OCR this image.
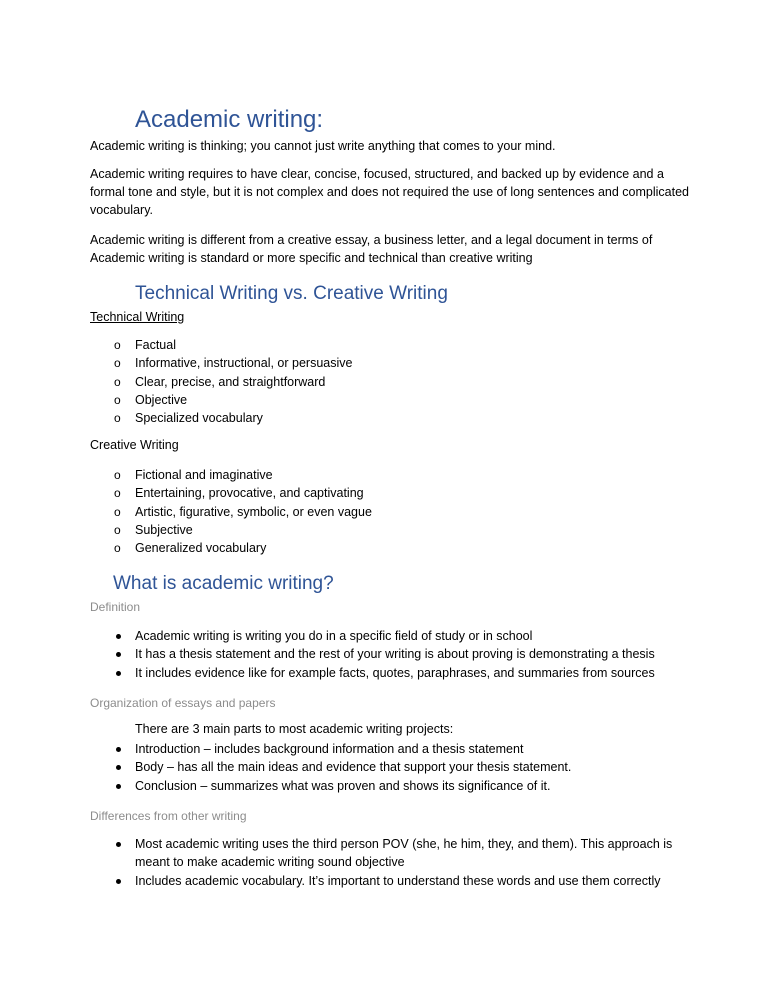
Academic writing:
Academic writing is thinking; you cannot just write anything that comes to your mind.
Academic writing requires to have clear, concise, focused, structured, and backed up by evidence and a formal tone and style, but it is not complex and does not required the use of long sentences and complicated vocabulary.
Academic writing is different from a creative essay, a business letter, and a legal document in terms of Academic writing is standard or more specific and technical than creative writing
Technical Writing vs. Creative Writing
Technical Writing
o Factual
o Informative, instructional, or persuasive
o Clear, precise, and straightforward
o Objective
o Specialized vocabulary
Creative Writing
o Fictional and imaginative
o Entertaining, provocative, and captivating
o Artistic, figurative, symbolic, or even vague
o Subjective
o Generalized vocabulary
What is academic writing?
Definition
Academic writing is writing you do in a specific field of study or in school
It has a thesis statement and the rest of your writing is about proving is demonstrating a thesis
It includes evidence like for example facts, quotes, paraphrases, and summaries from sources
Organization of essays and papers
There are 3 main parts to most academic writing projects:
Introduction – includes background information and a thesis statement
Body – has all the main ideas and evidence that support your thesis statement.
Conclusion – summarizes what was proven and shows its significance of it.
Differences from other writing
Most academic writing uses the third person POV (she, he him, they, and them). This approach is meant to make academic writing sound objective
Includes academic vocabulary. It’s important to understand these words and use them correctly
